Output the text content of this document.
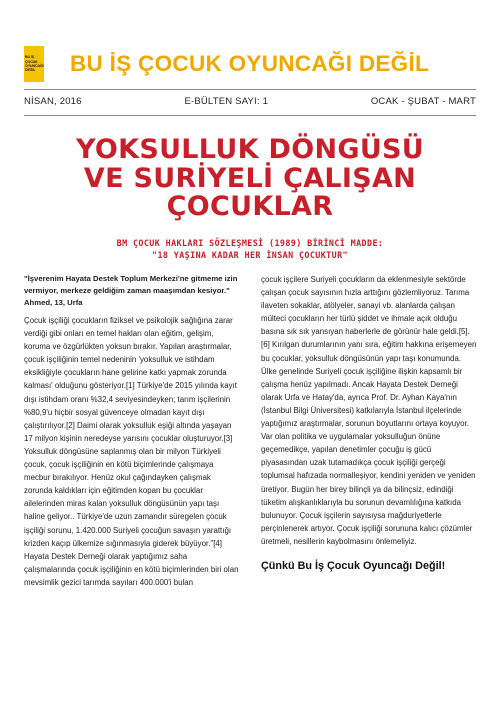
BU İŞ
ÇOCUK
OYUNCAĞI
DEĞİL	BU İŞ ÇOCUK OYUNCAĞI DEĞİL
NİSAN, 2016	E-BÜLTEN SAYI: 1	OCAK - ŞUBAT - MART
YOKSULLUK DÖNGÜSÜ
VE SURİYELİ ÇALIŞAN
ÇOCUKLAR
BM ÇOCUK HAKLARI SÖZLEŞMESİ (1989) BİRİNCİ MADDE:
"18 YAŞINA KADAR HER İNSAN ÇOCUKTUR"

"İşverenim Hayata Destek Toplum Merkezi'ne gitmeme izin vermiyor, merkeze geldiğim zaman maaşımdan kesiyor." Ahmed, 13, Urfa

Çocuk işçiliği çocukların fiziksel ve psikolojik sağlığına zarar verdiği gibi onları en temel hakları olan eğitim, gelişim, koruma ve özgürlükten yoksun bırakır. Yapılan araştırmalar, çocuk işçiliğinin temel nedeninin 'yoksulluk ve istihdam eksikliğiyle çocukların hane gelirine katkı yapmak zorunda kalması' olduğunu gösteriyor.[1] Türkiye'de 2015 yılında kayıt dışı istihdam oranı %32,4 seviyesindeyken; tarım işçilerinin %80,9'u hiçbir sosyal güvenceye olmadan kayıt dışı çalıştırılıyor.[2] Daimi olarak yoksulluk eşiği altında yaşayan 17 milyon kişinin neredeyse yarısını çocuklar oluşturuyor.[3] Yoksulluk döngüsüne saplanmış olan bir milyon Türkiyeli çocuk, çocuk işçiliğinin en kötü biçimlerinde çalışmaya mecbur bırakılıyor. Henüz okul çağındayken çalışmak zorunda kaldıkları için eğitimden kopan bu çocuklar ailelerinden miras kalan yoksulluk döngüsünün yapı taşı haline geliyor.. Türkiye'de uzun zamandır süregelen çocuk işçiliği sorunu, 1.420.000 Suriyeli çocuğun savaşın yarattığı krizden kaçıp ülkemize sığınmasıyla giderek büyüyor."[4] Hayata Destek Derneği olarak yaptığımız saha çalışmalarında çocuk işçiliğinin en kötü biçimlerinden biri olan mevsimlik gezici tarımda sayıları 400.000'i bulan

çocuk işçilere Suriyeli çocukların da eklenmesiyle sektörde çalışan çocuk sayısının hızla arttığını gözlemliyoruz. Tarıma ilaveten sokaklar, atölyeler, sanayi vb. alanlarda çalışan mülteci çocukların her türlü şiddet ve ihmale açık olduğu basına sık sık yansıyan haberlerle de görünür hale geldi.[5]. [6] Kırılgan durumlarının yanı sıra, eğitim hakkına erişemeyen bu çocuklar, yoksulluk döngüsünün yapı taşı konumunda. Ülke genelinde Suriyeli çocuk işçiliğine ilişkin kapsamlı bir çalışma henüz yapılmadı. Ancak Hayata Destek Derneği olarak Urfa ve Hatay'da, ayrıca Prof. Dr. Ayhan Kaya'nın (İstanbul Bilgi Üniversitesi) katkılarıyla İstanbul ilçelerinde yaptığımız araştırmalar, sorunun boyutlarını ortaya koyuyor. Var olan politika ve uygulamalar yoksulluğun önüne geçemedikçe, yapılan denetimler çocuğu iş gücü piyasasından uzak tutamadıkça çocuk işçiliği gerçeği toplumsal hafızada normalleşiyor, kendini yeniden ve yeniden üretiyor. Bugün her birey bilinçli ya da bilinçsiz, edindiği tüketim alışkanlıklarıyla bu sorunun devamlılığına katkıda bulunuyor. Çocuk işçilerin sayısıysa mağduriyetlerle perçinlenerek artıyor. Çocuk işçiliği sorununa kalıcı çözümler üretmeli, nesillerin kaybolmasını önlemeliyiz.

Çünkü Bu İş Çocuk Oyuncağı Değil!
